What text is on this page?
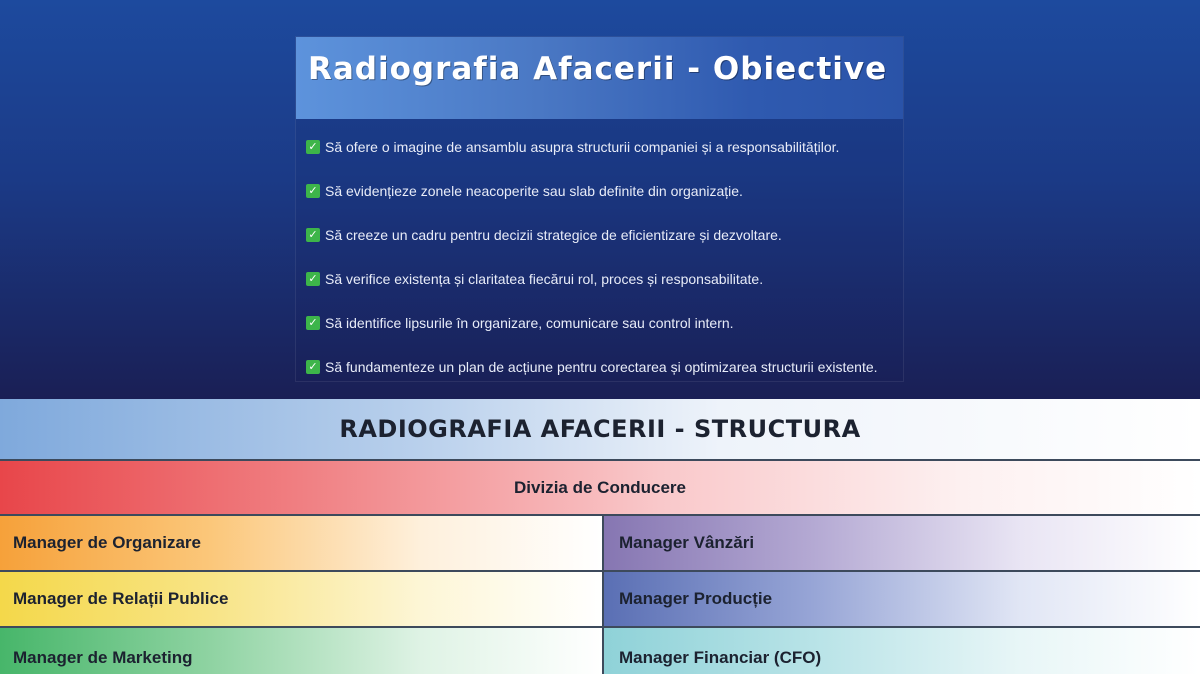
Radiografia Afacerii - Obiective
✓ Să ofere o imagine de ansamblu asupra structurii companiei și a responsabilităților.
✓ Să evidențieze zonele neacoperite sau slab definite din organizație.
✓ Să creeze un cadru pentru decizii strategice de eficientizare și dezvoltare.
✓ Să verifice existența și claritatea fiecărui rol, proces și responsabilitate.
✓ Să identifice lipsurile în organizare, comunicare sau control intern.
✓ Să fundamenteze un plan de acțiune pentru corectarea și optimizarea structurii existente.
RADIOGRAFIA AFACERII - STRUCTURA
Divizia de Conducere
Manager de Organizare	Manager Vânzări
Manager de Relații Publice	Manager Producție
Manager de Marketing	Manager Financiar (CFO)
